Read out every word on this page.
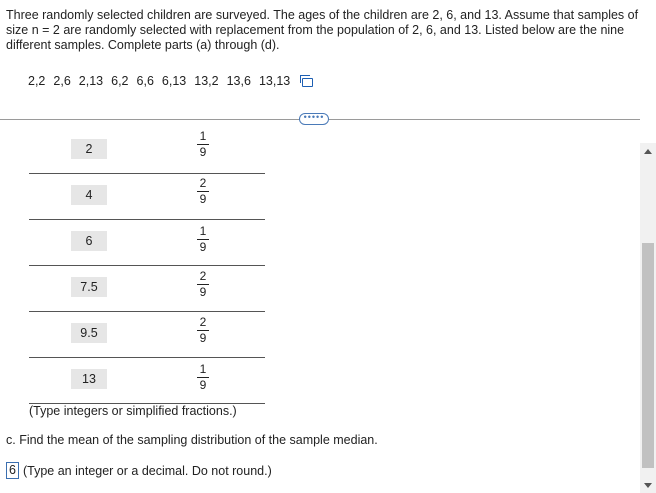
Three randomly selected children are surveyed. The ages of the children are 2, 6, and 13. Assume that samples of size n = 2 are randomly selected with replacement from the population of 2, 6, and 13. Listed below are the nine different samples. Complete parts (a) through (d).
2,2 2,6 2,13 6,2 6,6 6,13 13,2 13,6 13,13
•••••
2
1
9
4
2
9
6
1
9
7.5
2
9
9.5
2
9
13
1
9
(Type integers or simplified fractions.)
c. Find the mean of the sampling distribution of the sample median.
6 (Type an integer or a decimal. Do not round.)
